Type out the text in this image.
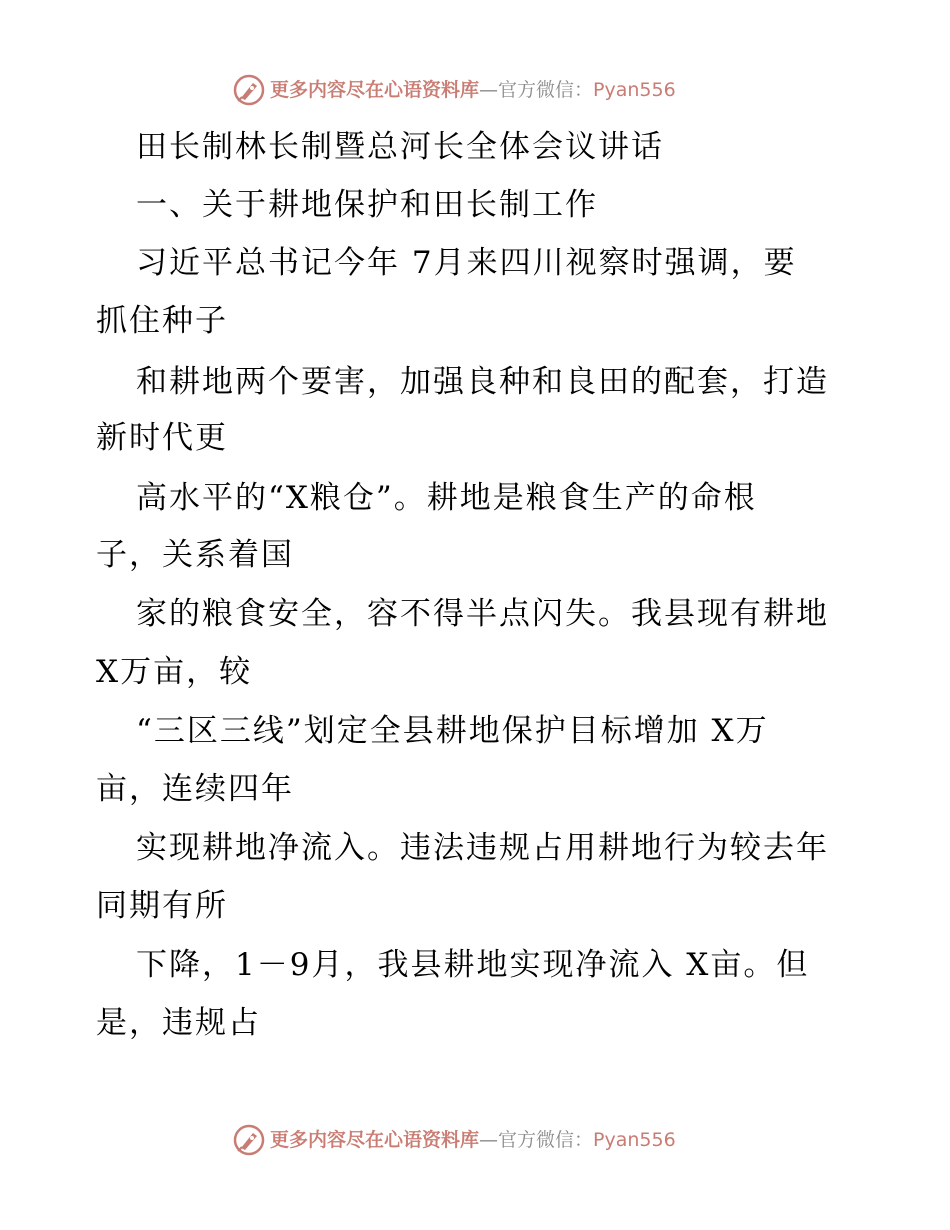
更多内容尽在心语资料库—官方微信：Pyan556

田长制林长制暨总河长全体会议讲话

一、关于耕地保护和田长制工作

习近平总书记今年 7月来四川视察时强调，要

抓住种子

和耕地两个要害，加强良种和良田的配套，打造

新时代更

高水平的“X粮仓”。耕地是粮食生产的命根

子，关系着国

家的粮食安全，容不得半点闪失。我县现有耕地

X万亩，较

“三区三线”划定全县耕地保护目标增加 X万

亩，连续四年

实现耕地净流入。违法违规占用耕地行为较去年

同期有所

下降，1－9月，我县耕地实现净流入 X亩。但

是，违规占

更多内容尽在心语资料库—官方微信：Pyan556
